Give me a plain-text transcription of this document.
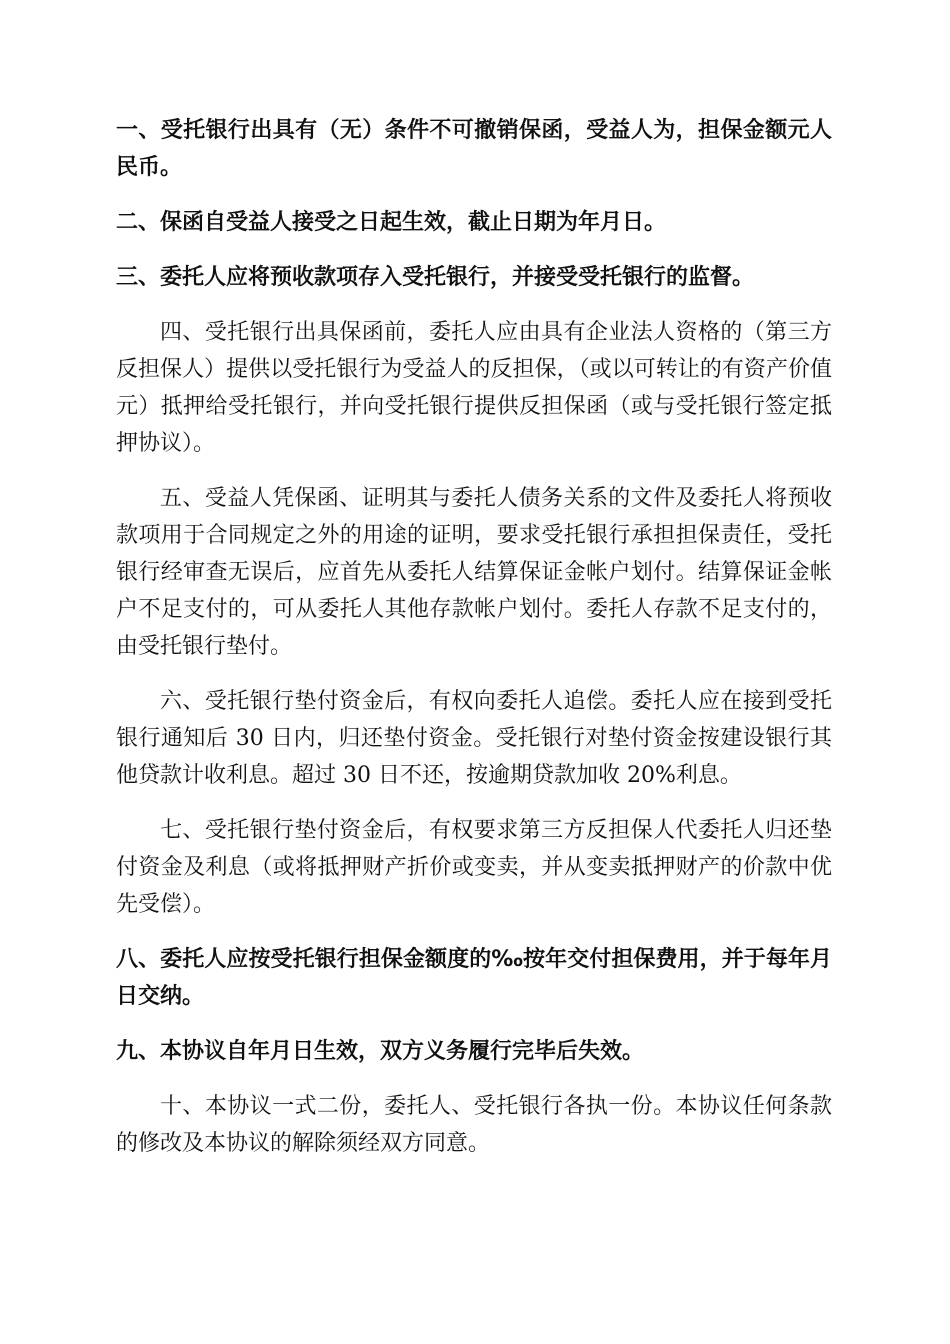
一、受托银行出具有（无）条件不可撤销保函，受益人为，担保金额元人民币。

二、保函自受益人接受之日起生效，截止日期为年月日。

三、委托人应将预收款项存入受托银行，并接受受托银行的监督。

四、受托银行出具保函前，委托人应由具有企业法人资格的（第三方反担保人）提供以受托银行为受益人的反担保，（或以可转让的有资产价值元）抵押给受托银行，并向受托银行提供反担保函（或与受托银行签定抵押协议）。

五、受益人凭保函、证明其与委托人债务关系的文件及委托人将预收款项用于合同规定之外的用途的证明，要求受托银行承担担保责任，受托银行经审查无误后，应首先从委托人结算保证金帐户划付。结算保证金帐户不足支付的，可从委托人其他存款帐户划付。委托人存款不足支付的，由受托银行垫付。

六、受托银行垫付资金后，有权向委托人追偿。委托人应在接到受托银行通知后 30 日内，归还垫付资金。受托银行对垫付资金按建设银行其他贷款计收利息。超过 30 日不还，按逾期贷款加收 20%利息。

七、受托银行垫付资金后，有权要求第三方反担保人代委托人归还垫付资金及利息（或将抵押财产折价或变卖，并从变卖抵押财产的价款中优先受偿）。

八、委托人应按受托银行担保金额度的‰按年交付担保费用，并于每年月日交纳。

九、本协议自年月日生效，双方义务履行完毕后失效。

十、本协议一式二份，委托人、受托银行各执一份。本协议任何条款的修改及本协议的解除须经双方同意。
